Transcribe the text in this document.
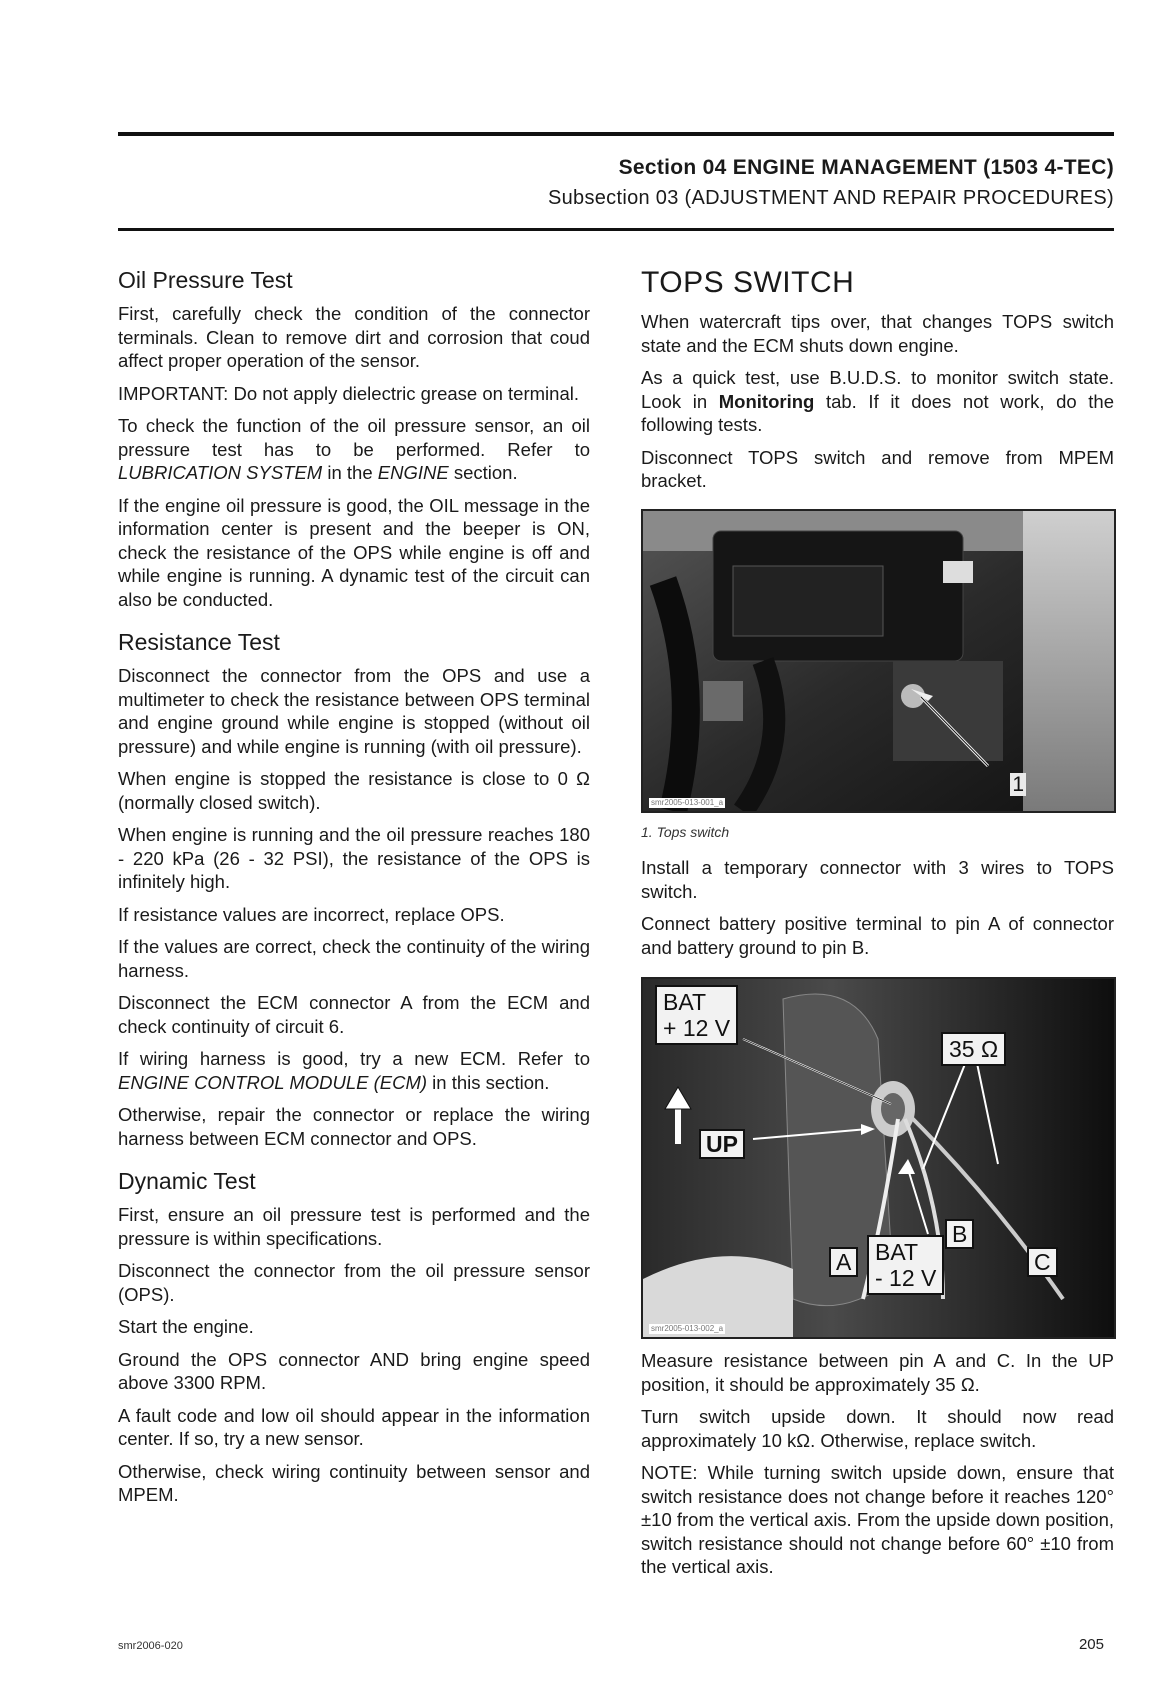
Section 04 ENGINE MANAGEMENT (1503 4-TEC)
Subsection 03 (ADJUSTMENT AND REPAIR PROCEDURES)
Oil Pressure Test

First, carefully check the condition of the connector terminals. Clean to remove dirt and corrosion that coud affect proper operation of the sensor.

IMPORTANT: Do not apply dielectric grease on terminal.

To check the function of the oil pressure sensor, an oil pressure test has to be performed. Refer to LUBRICATION SYSTEM in the ENGINE section.

If the engine oil pressure is good, the OIL message in the information center is present and the beeper is ON, check the resistance of the OPS while engine is off and while engine is running. A dynamic test of the circuit can also be conducted.

Resistance Test

Disconnect the connector from the OPS and use a multimeter to check the resistance between OPS terminal and engine ground while engine is stopped (without oil pressure) and while engine is running (with oil pressure).

When engine is stopped the resistance is close to 0 Ω (normally closed switch).

When engine is running and the oil pressure reaches 180 - 220 kPa (26 - 32 PSI), the resistance of the OPS is infinitely high.

If resistance values are incorrect, replace OPS.

If the values are correct, check the continuity of the wiring harness.

Disconnect the ECM connector A from the ECM and check continuity of circuit 6.

If wiring harness is good, try a new ECM. Refer to ENGINE CONTROL MODULE (ECM) in this section.

Otherwise, repair the connector or replace the wiring harness between ECM connector and OPS.

Dynamic Test

First, ensure an oil pressure test is performed and the pressure is within specifications.

Disconnect the connector from the oil pressure sensor (OPS).

Start the engine.

Ground the OPS connector AND bring engine speed above 3300 RPM.

A fault code and low oil should appear in the information center. If so, try a new sensor.

Otherwise, check wiring continuity between sensor and MPEM.

TOPS SWITCH

When watercraft tips over, that changes TOPS switch state and the ECM shuts down engine.

As a quick test, use B.U.D.S. to monitor switch state. Look in Monitoring tab. If it does not work, do the following tests.

Disconnect TOPS switch and remove from MPEM bracket.

1
smr2005-013-001_a

1. Tops switch

Install a temporary connector with 3 wires to TOPS switch.

Connect battery positive terminal to pin A of connector and battery ground to pin B.

BAT
+ 12 V
35 Ω
UP
A	BAT
- 12 V
B
C
smr2005-013-002_a

Measure resistance between pin A and C. In the UP position, it should be approximately 35 Ω.

Turn switch upside down. It should now read approximately 10 kΩ. Otherwise, replace switch.

NOTE: While turning switch upside down, ensure that switch resistance does not change before it reaches 120° ±10 from the vertical axis. From the upside down position, switch resistance should not change before 60° ±10 from the vertical axis.

smr2006-020	205
